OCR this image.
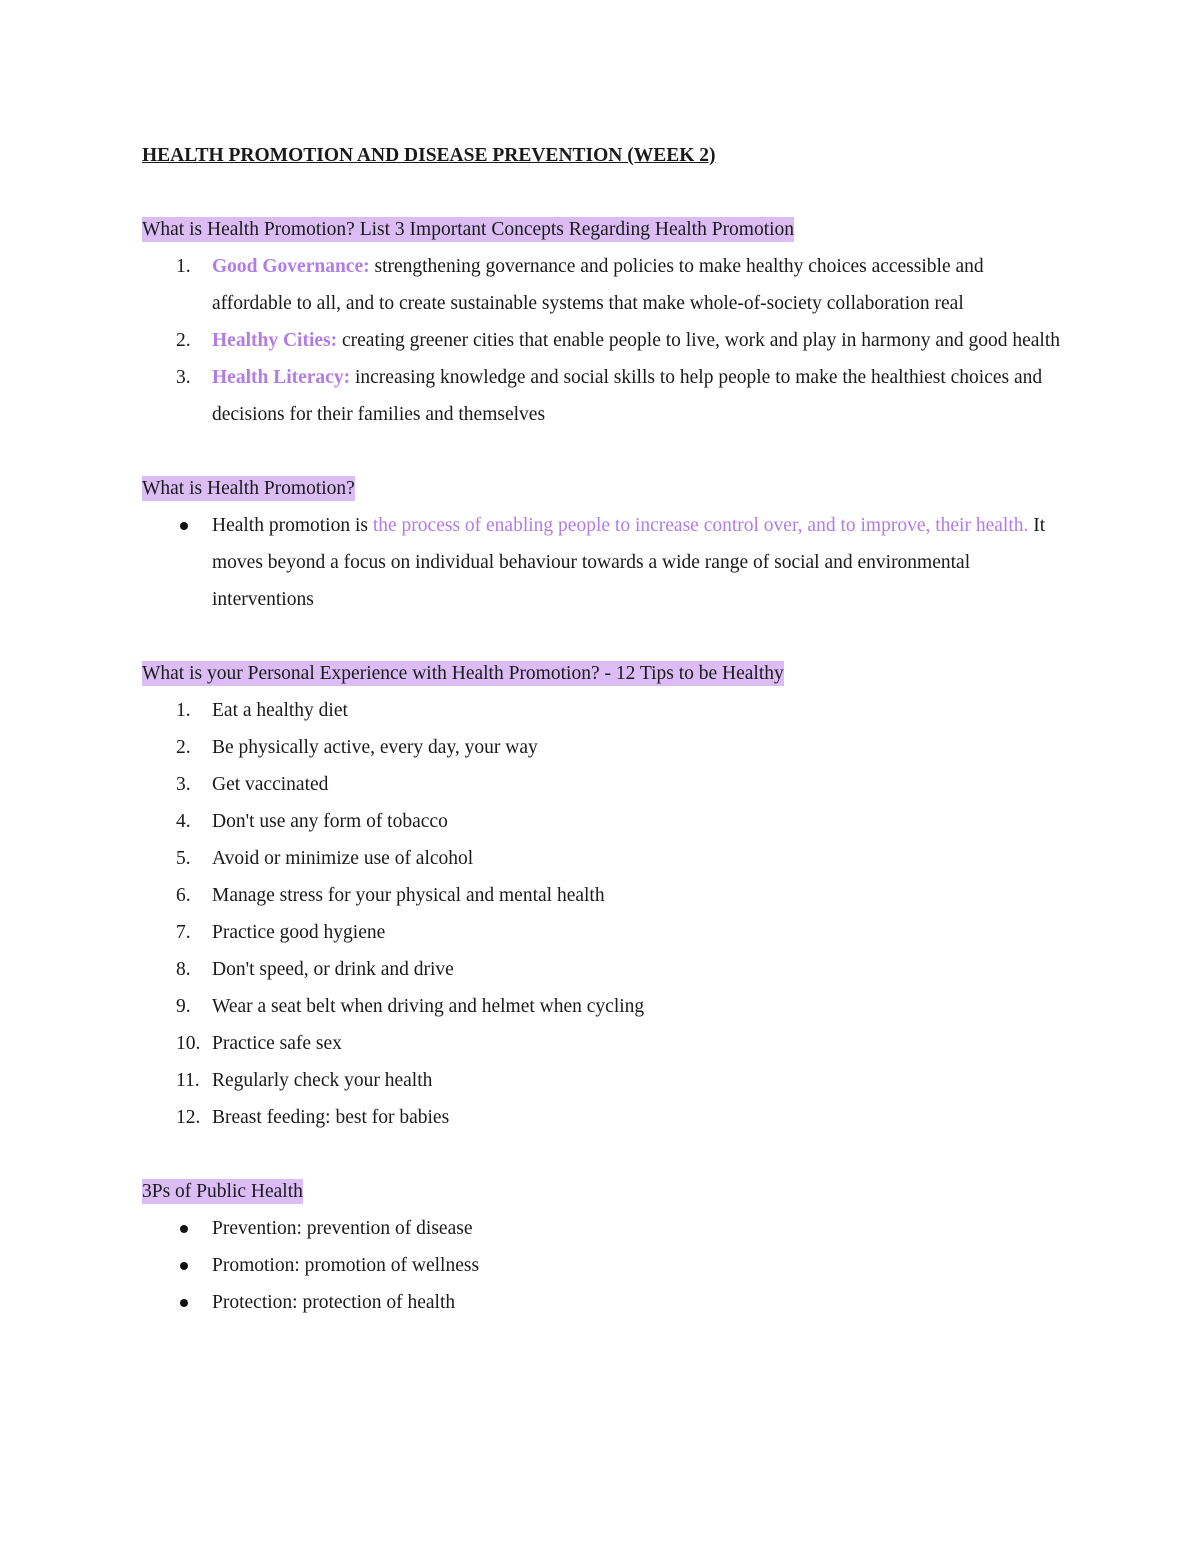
HEALTH PROMOTION AND DISEASE PREVENTION (WEEK 2)

What is Health Promotion? List 3 Important Concepts Regarding Health Promotion

1. Good Governance: strengthening governance and policies to make healthy choices accessible and affordable to all, and to create sustainable systems that make whole-of-society collaboration real
2. Healthy Cities: creating greener cities that enable people to live, work and play in harmony and good health
3. Health Literacy: increasing knowledge and social skills to help people to make the healthiest choices and decisions for their families and themselves

What is Health Promotion?

Health promotion is the process of enabling people to increase control over, and to improve, their health. It moves beyond a focus on individual behaviour towards a wide range of social and environmental interventions

What is your Personal Experience with Health Promotion? - 12 Tips to be Healthy

1. Eat a healthy diet
2. Be physically active, every day, your way
3. Get vaccinated
4. Don't use any form of tobacco
5. Avoid or minimize use of alcohol
6. Manage stress for your physical and mental health
7. Practice good hygiene
8. Don't speed, or drink and drive
9. Wear a seat belt when driving and helmet when cycling
10. Practice safe sex
11. Regularly check your health
12. Breast feeding: best for babies

3Ps of Public Health

Prevention: prevention of disease
Promotion: promotion of wellness
Protection: protection of health
